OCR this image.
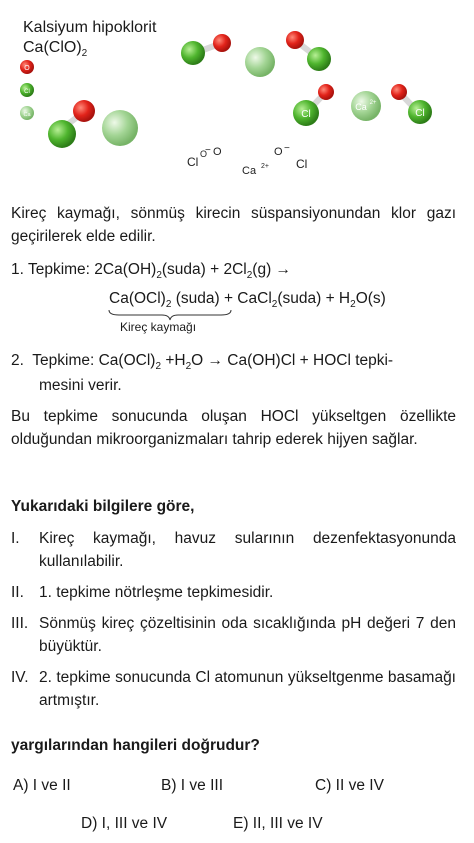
Kalsiyum hipoklorit
$Ca(ClO)_2$
O
Cl
Ca	Cl
Ca 2+
Cl
Cl
O
− O
Ca 2+
O −
Cl
Kireç kaymağı, sönmüş kirecin süspansiyonundan klor gazı geçirilerek elde edilir.
1. Tepkime: $2Ca(OH)_2(suda) + 2Cl_2(g)$ →
$Ca(OCl)_2$ (suda) + CaCl$_2$(suda) + $H_2O(s)$
Kireç kaymağı
2. Tepkime: $Ca(OCl)_2 +H_2O \to Ca(OH)Cl$ + HOCl tepki-
mesini verir.
Bu tepkime sonucunda oluşan HOCl yükseltgen özellikte olduğundan mikroorganizmaları tahrip ederek hijyen sağlar.
Yukarıdaki bilgilere göre,
I.	Kireç kaymağı, havuz sularının dezenfektasyonunda kullanılabilir.
II. 1. tepkime nötrleşme tepkimesidir.
III. Sönmüş kireç çözeltisinin oda sıcaklığında pH değeri 7 den büyüktür.
IV. 2. tepkime sonucunda Cl atomunun yükseltgenme basamağı artmıştır.
yargılarından hangileri doğrudur?
A) I ve II	B) I ve III	C) II ve IV
D) I, III ve IV	E) II, III ve IV
